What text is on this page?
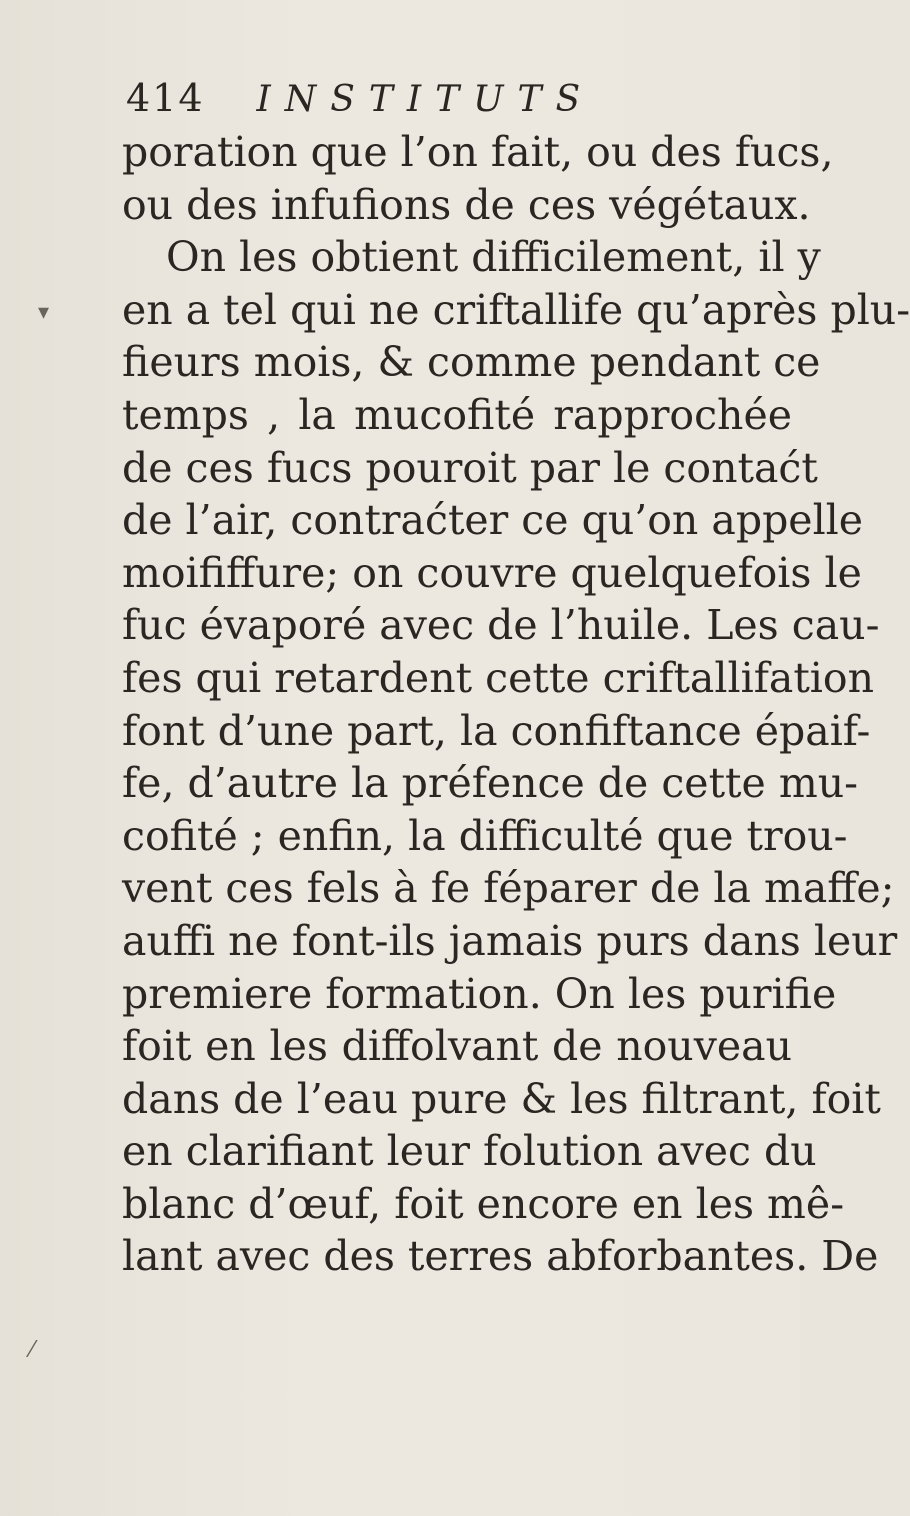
414 INSTITUTS
▾
poration que l’on fait, ou des fucs,
ou des infufions de ces végétaux.
On les obtient difficilement, il y
en a tel qui ne criftallife qu’après plu-
fieurs mois, & comme pendant ce
temps , la mucofité rapprochée
de ces fucs pouroit par le contaćt
de l’air, contraćter ce qu’on appelle
moififfure; on couvre quelquefois le
fuc évaporé avec de l’huile. Les cau-
fes qui retardent cette criftallifation
font d’une part, la confiftance épaif-
fe, d’autre la préfence de cette mu-
cofité ; enfin, la difficulté que trou-
vent ces fels à fe féparer de la maffe;
auffi ne font-ils jamais purs dans leur
premiere formation. On les purifie
foit en les diffolvant de nouveau
dans de l’eau pure & les filtrant, foit
en clarifiant leur folution avec du
blanc d’œuf, foit encore en les mê-
lant avec des terres abforbantes. De
⁄
